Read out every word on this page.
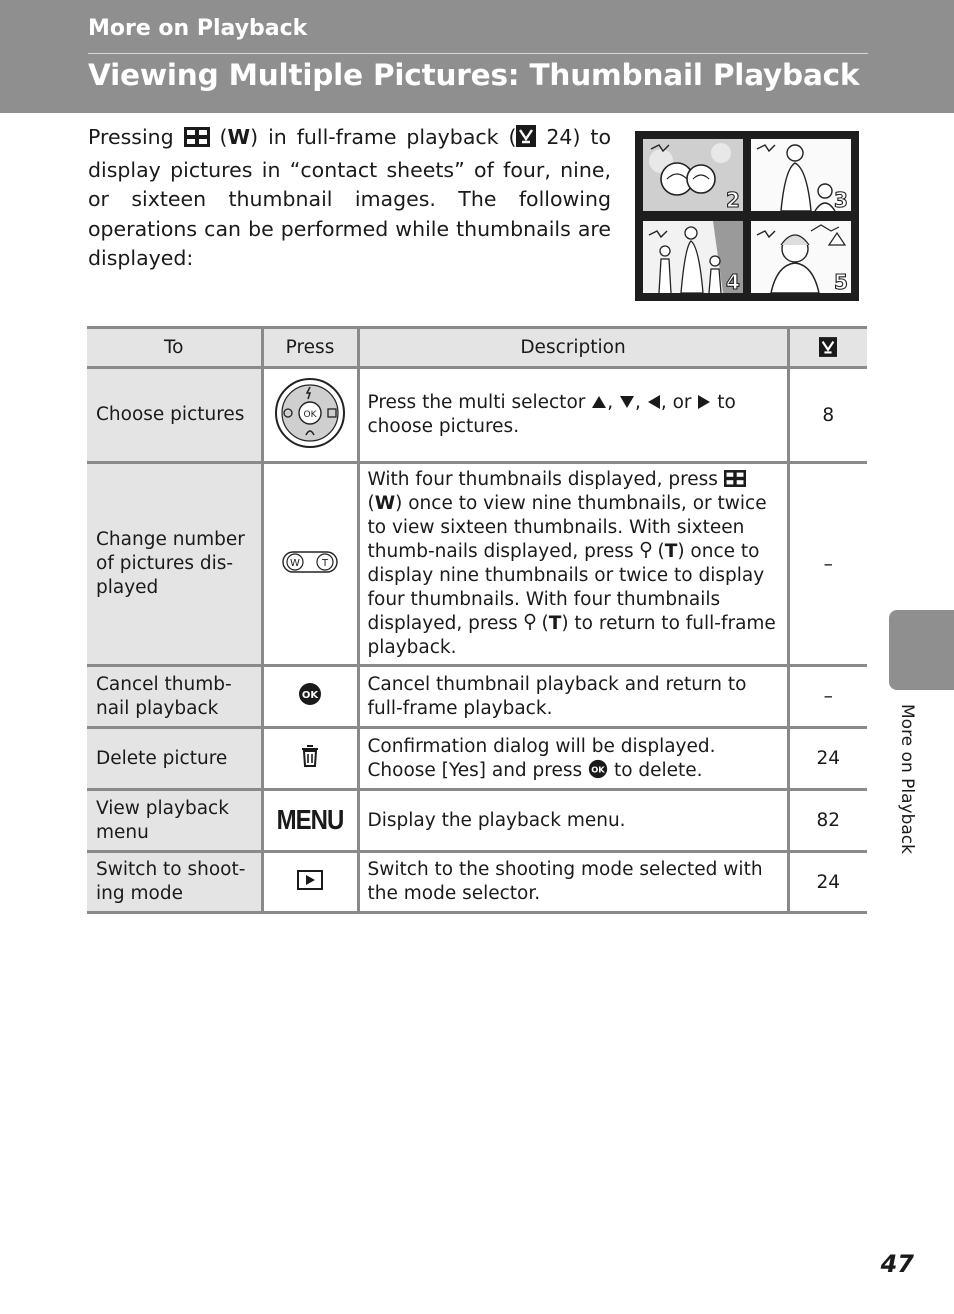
More on Playback
Viewing Multiple Pictures: Thumbnail Playback
Pressing (W) in full-frame playback ( 24) to display pictures in “contact sheets” of four, nine, or sixteen thumbnail images. The following operations can be performed while thumbnails are displayed:
2	3
4	5
To	Press	Description	
Choose pictures	OK	Press the multi selector , , , or to choose pictures.	8
Change number of pictures dis-played	W T	With four thumbnails displayed, press  (W) once to view nine thumbnails, or twice to view sixteen thumbnails. With sixteen thumb-nails displayed, press  (T) once to display nine thumbnails or twice to display four thumbnails. With four thumbnails displayed, press  (T) to return to full-frame playback.	–
Cancel thumb-nail playback	OK	Cancel thumbnail playback and return to full-frame playback.	–
Delete picture		Confirmation dialog will be displayed. Choose [Yes] and press OK to delete.	24
View playback menu	MENU	Display the playback menu.	82
Switch to shoot-ing mode		Switch to the shooting mode selected with the mode selector.	24
More on Playback
47
